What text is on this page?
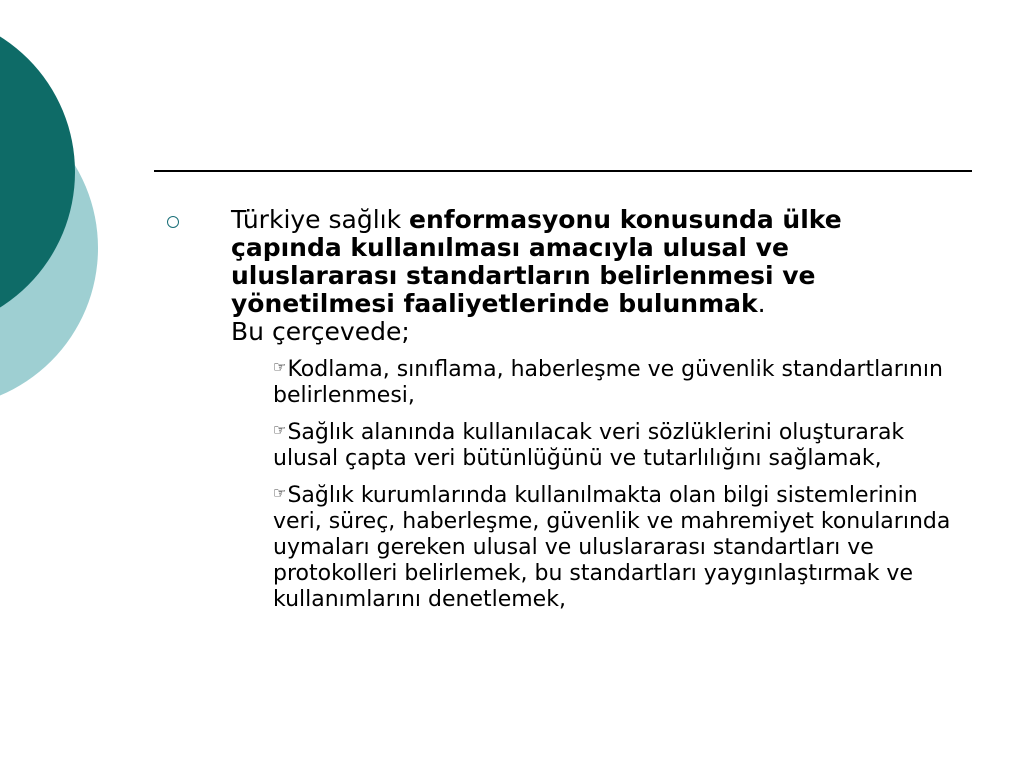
Türkiye sağlık enformasyonu konusunda ülke çapında kullanılması amacıyla ulusal ve uluslararası standartların belirlenmesi ve yönetilmesi faaliyetlerinde bulunmak.
Bu çerçevede;
☞Kodlama, sınıflama, haberleşme ve güvenlik standartlarının belirlenmesi,
☞Sağlık alanında kullanılacak veri sözlüklerini oluşturarak ulusal çapta veri bütünlüğünü ve tutarlılığını sağlamak,
☞Sağlık kurumlarında kullanılmakta olan bilgi sistemlerinin veri, süreç, haberleşme, güvenlik ve mahremiyet konularında uymaları gereken ulusal ve uluslararası standartları ve protokolleri belirlemek, bu standartları yaygınlaştırmak ve kullanımlarını denetlemek,
